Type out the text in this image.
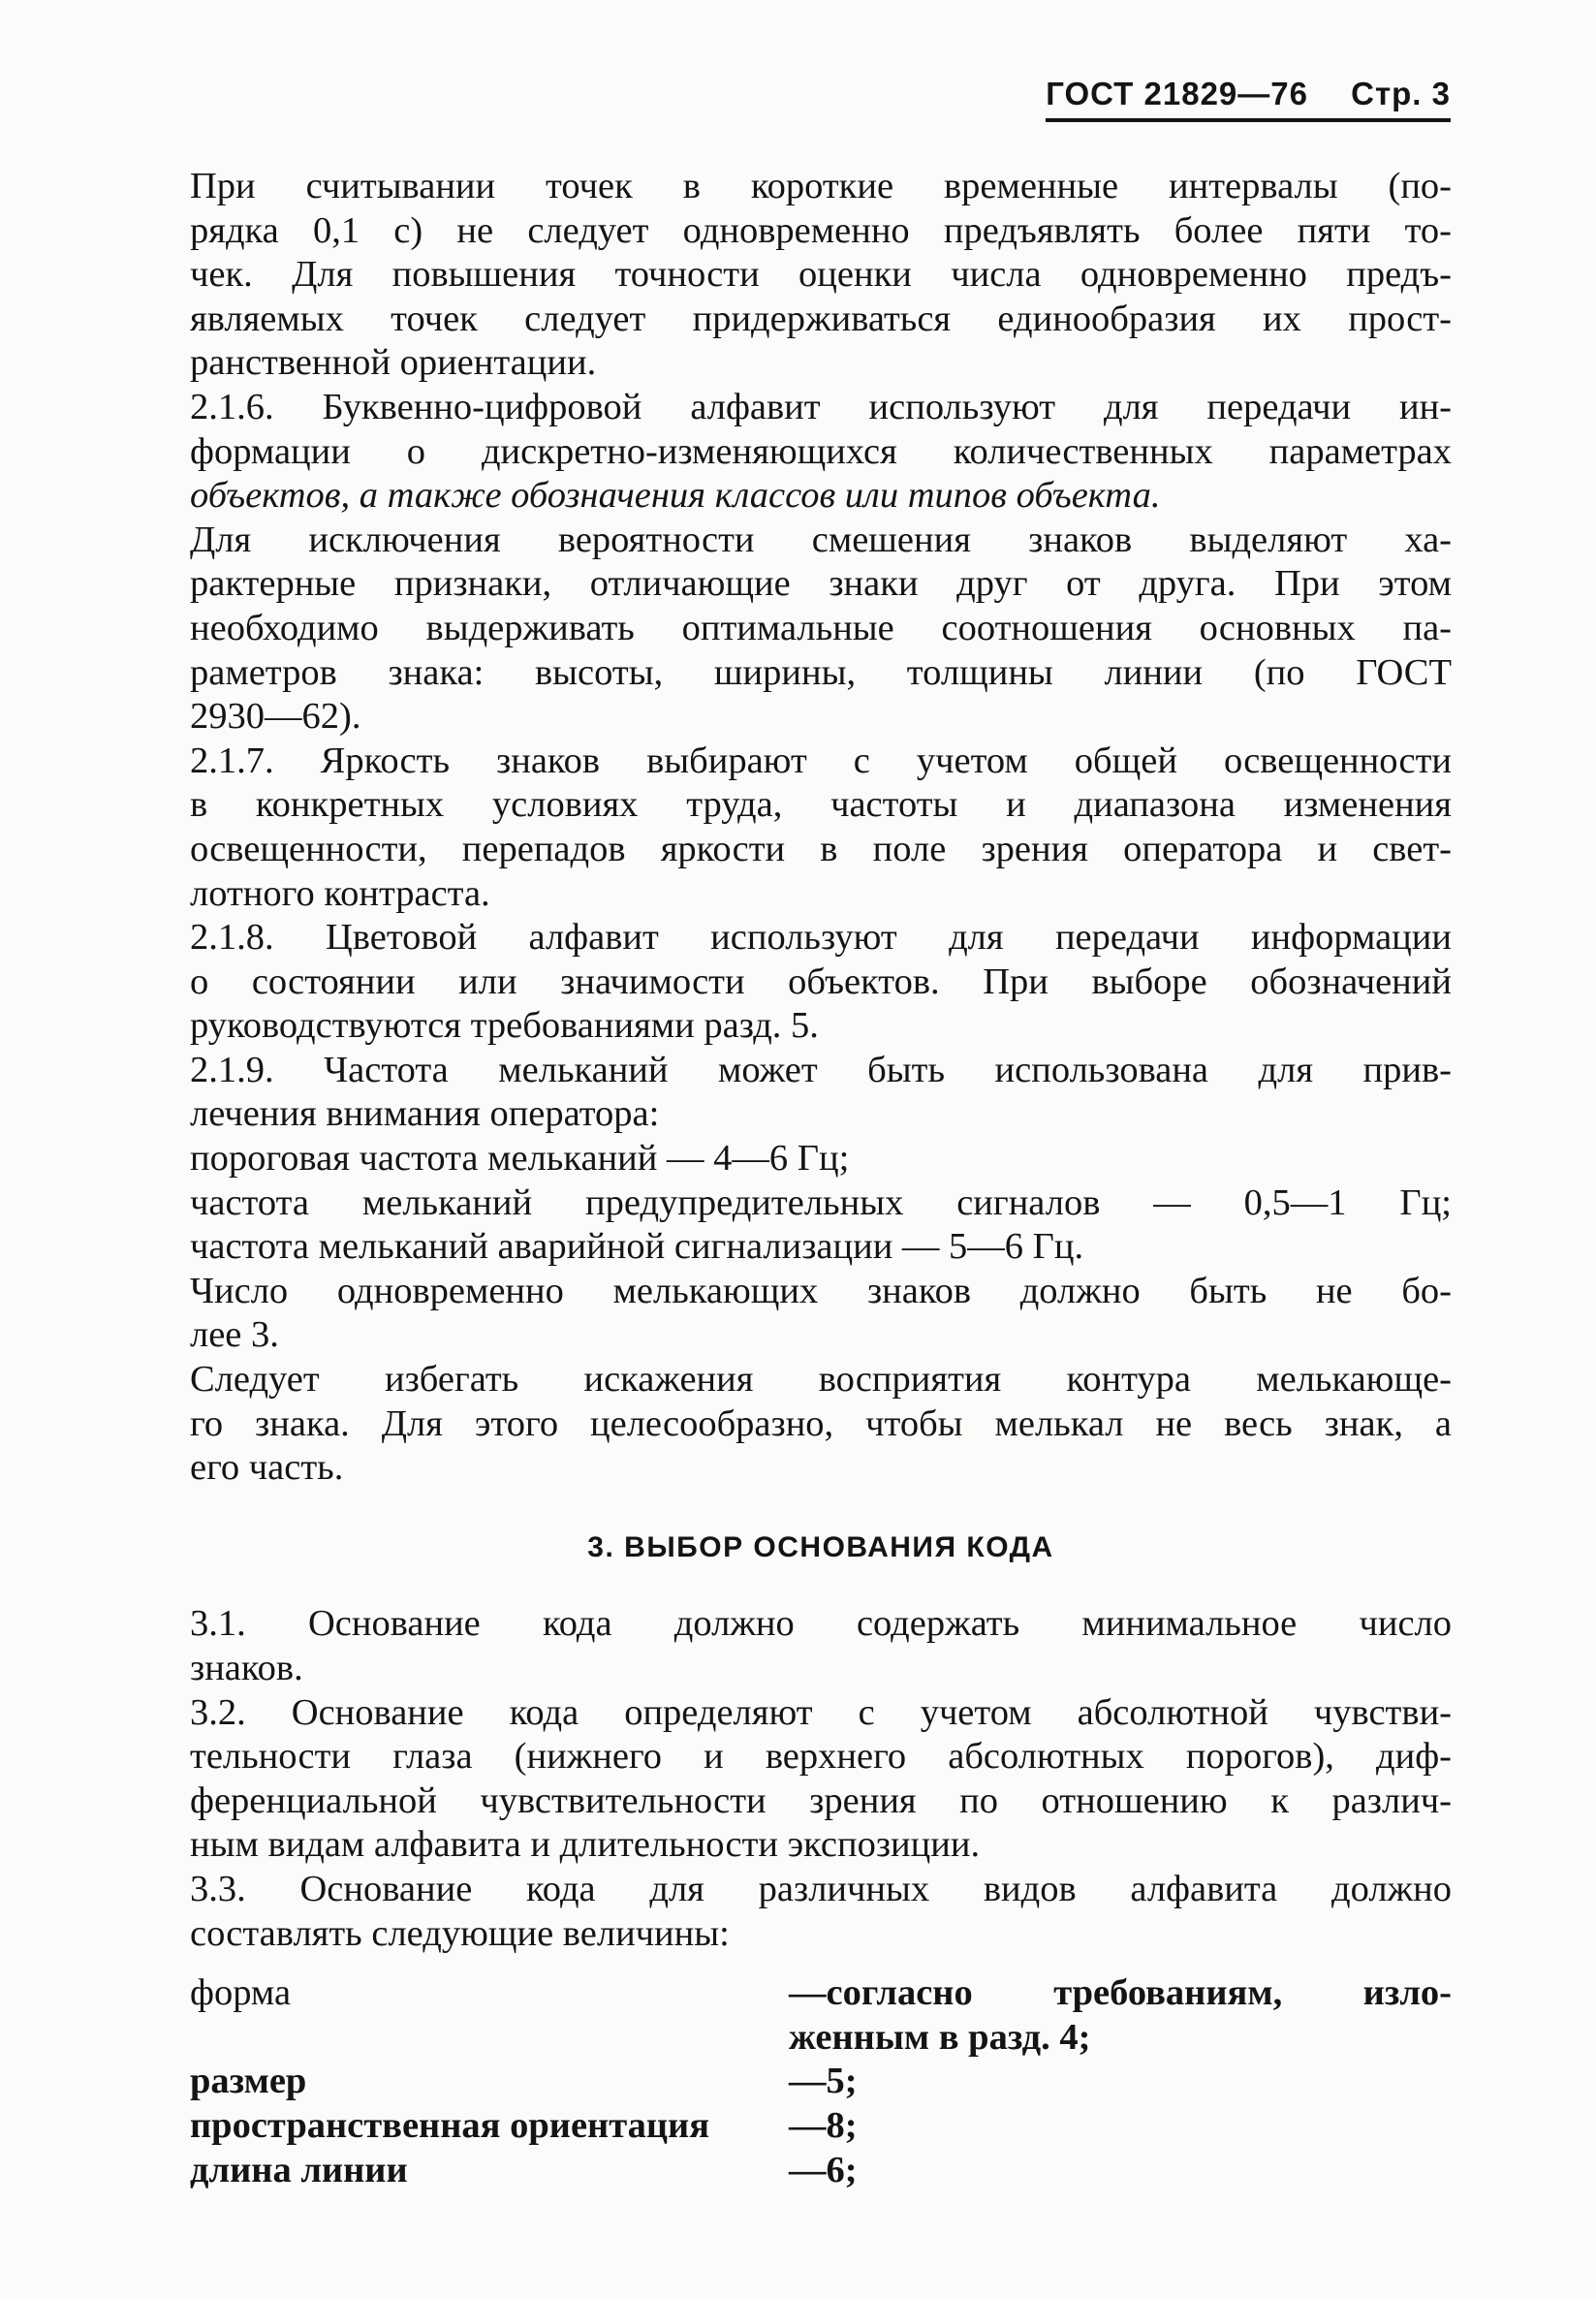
ГОСТ 21829—76 Стр. 3
При считывании точек в короткие временные интервалы (по-
рядка 0,1 с) не следует одновременно предъявлять более пяти то-
чек. Для повышения точности оценки числа одновременно предъ-
являемых точек следует придерживаться единообразия их прост-
ранственной ориентации.
2.1.6. Буквенно-цифровой алфавит используют для передачи ин-
формации о дискретно-изменяющихся количественных параметрах
объектов, а также обозначения классов или типов объекта.
Для исключения вероятности смешения знаков выделяют ха-
рактерные признаки, отличающие знаки друг от друга. При этом
необходимо выдерживать оптимальные соотношения основных па-
раметров знака: высоты, ширины, толщины линии (по ГОСТ
2930—62).
2.1.7. Яркость знаков выбирают с учетом общей освещенности
в конкретных условиях труда, частоты и диапазона изменения
освещенности, перепадов яркости в поле зрения оператора и свет-
лотного контраста.
2.1.8. Цветовой алфавит используют для передачи информации
о состоянии или значимости объектов. При выборе обозначений
руководствуются требованиями разд. 5.
2.1.9. Частота мельканий может быть использована для прив-
лечения внимания оператора:
пороговая частота мельканий — 4—6 Гц;
частота мельканий предупредительных сигналов — 0,5—1 Гц;
частота мельканий аварийной сигнализации — 5—6 Гц.
Число одновременно мелькающих знаков должно быть не бо-
лее 3.
Следует избегать искажения восприятия контура мелькающе-
го знака. Для этого целесообразно, чтобы мелькал не весь знак, а
его часть.
3. ВЫБОР ОСНОВАНИЯ КОДА
3.1. Основание кода должно содержать минимальное число
знаков.
3.2. Основание кода определяют с учетом абсолютной чувстви-
тельности глаза (нижнего и верхнего абсолютных порогов), диф-
ференциальной чувствительности зрения по отношению к различ-
ным видам алфавита и длительности экспозиции.
3.3. Основание кода для различных видов алфавита должно
составлять следующие величины:
форма	—согласно требованиям, изло-
женным в разд. 4;
размер	—5;
пространственная ориентация	—8;
длина линии	—6;
